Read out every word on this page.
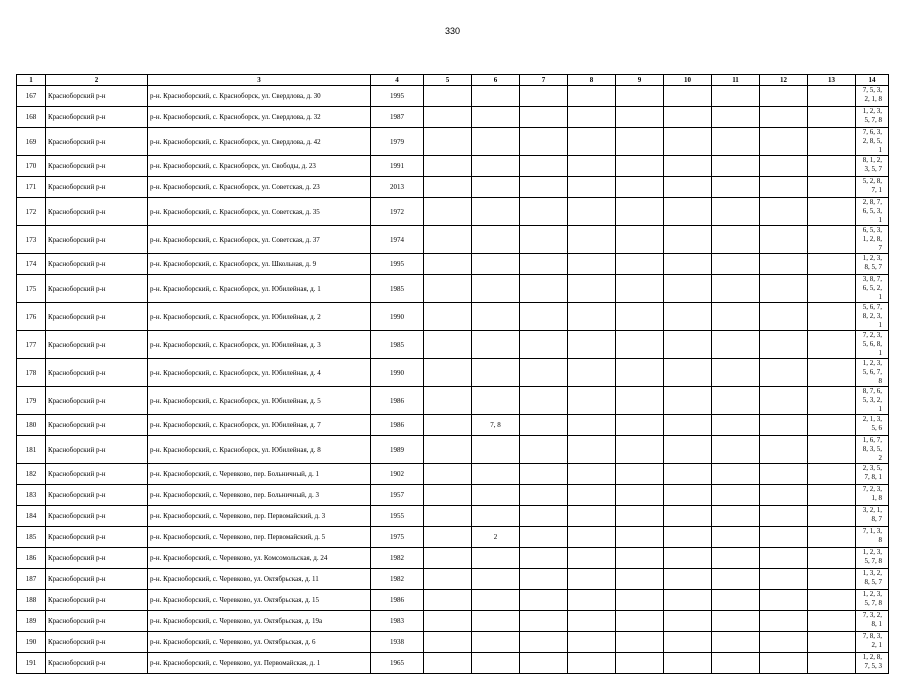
330
1	2	3	4	5	6	7	8	9	10	11	12	13	14
167	Красноборский р-н	р-н. Красноборский, с. Красноборск, ул. Свердлова, д. 30	1995										7, 5, 3, 2, 1, 8
168	Красноборский р-н	р-н. Красноборский, с. Красноборск, ул. Свердлова, д. 32	1987										1, 2, 3, 5, 7, 8
169	Красноборский р-н	р-н. Красноборский, с. Красноборск, ул. Свердлова, д. 42	1979										7, 6, 3, 2, 8, 5, 1
170	Красноборский р-н	р-н. Красноборский, с. Красноборск, ул. Свободы, д. 23	1991										8, 1, 2, 3, 5, 7
171	Красноборский р-н	р-н. Красноборский, с. Красноборск, ул. Советская, д. 23	2013										5, 2, 8, 7, 1
172	Красноборский р-н	р-н. Красноборский, с. Красноборск, ул. Советская, д. 35	1972										2, 8, 7, 6, 5, 3, 1
173	Красноборский р-н	р-н. Красноборский, с. Красноборск, ул. Советская, д. 37	1974										6, 5, 3, 1, 2, 8, 7
174	Красноборский р-н	р-н. Красноборский, с. Красноборск, ул. Школьная, д. 9	1995										1, 2, 3, 8, 5, 7
175	Красноборский р-н	р-н. Красноборский, с. Красноборск, ул. Юбилейная, д. 1	1985										3, 8, 7, 6, 5, 2, 1
176	Красноборский р-н	р-н. Красноборский, с. Красноборск, ул. Юбилейная, д. 2	1990										5, 6, 7, 8, 2, 3, 1
177	Красноборский р-н	р-н. Красноборский, с. Красноборск, ул. Юбилейная, д. 3	1985										7, 2, 3, 5, 6, 8, 1
178	Красноборский р-н	р-н. Красноборский, с. Красноборск, ул. Юбилейная, д. 4	1990										1, 2, 3, 5, 6, 7, 8
179	Красноборский р-н	р-н. Красноборский, с. Красноборск, ул. Юбилейная, д. 5	1986										8, 7, 6, 5, 3, 2, 1
180	Красноборский р-н	р-н. Красноборский, с. Красноборск, ул. Юбилейная, д. 7	1986		7, 8								2, 1, 3, 5, 6
181	Красноборский р-н	р-н. Красноборский, с. Красноборск, ул. Юбилейная, д. 8	1989										1, 6, 7, 8, 3, 5, 2
182	Красноборский р-н	р-н. Красноборский, с. Черевково, пер. Больничный, д. 1	1902										2, 3, 5, 7, 8, 1
183	Красноборский р-н	р-н. Красноборский, с. Черевково, пер. Больничный, д. 3	1957										7, 2, 3, 1, 8
184	Красноборский р-н	р-н. Красноборский, с. Черевково, пер. Первомайский, д. 3	1955										3, 2, 1, 8, 7
185	Красноборский р-н	р-н. Красноборский, с. Черевково, пер. Первомайский, д. 5	1975		2								7, 1, 3, 8
186	Красноборский р-н	р-н. Красноборский, с. Черевково, ул. Комсомольская, д. 24	1982										1, 2, 3, 5, 7, 8
187	Красноборский р-н	р-н. Красноборский, с. Черевково, ул. Октябрьская, д. 11	1982										1, 3, 2, 8, 5, 7
188	Красноборский р-н	р-н. Красноборский, с. Черевково, ул. Октябрьская, д. 15	1986										1, 2, 3, 5, 7, 8
189	Красноборский р-н	р-н. Красноборский, с. Черевково, ул. Октябрьская, д. 19а	1983										7, 3, 2, 8, 1
190	Красноборский р-н	р-н. Красноборский, с. Черевково, ул. Октябрьская, д. 6	1938										7, 8, 3, 2, 1
191	Красноборский р-н	р-н. Красноборский, с. Черевково, ул. Первомайская, д. 1	1965										1, 2, 8, 7, 5, 3
